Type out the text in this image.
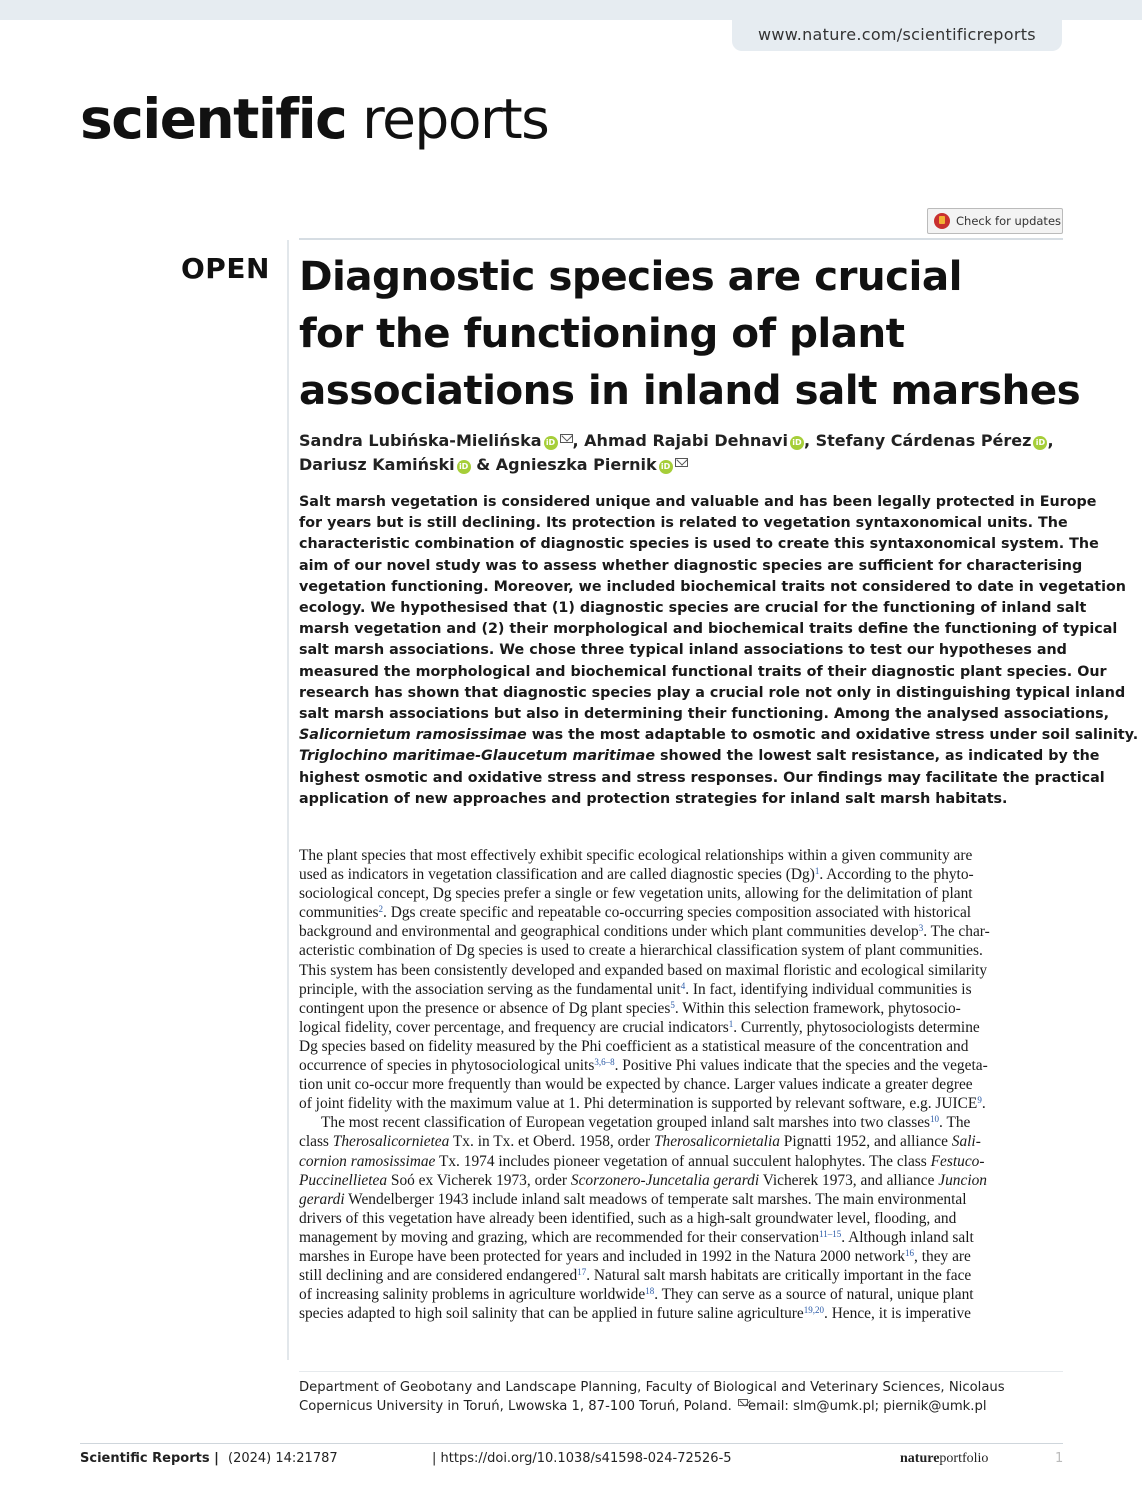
www.nature.com/scientificreports
scientific reports
Check for updates
OPEN Diagnostic species are crucial
for the functioning of plant
associations in inland salt marshes
Sandra Lubińska-Mielińska iD , Ahmad Rajabi Dehnavi iD , Stefany Cárdenas Pérez iD ,
Dariusz Kamiński iD & Agnieszka Piernik iD
Salt marsh vegetation is considered unique and valuable and has been legally protected in Europe
for years but is still declining. Its protection is related to vegetation syntaxonomical units. The
characteristic combination of diagnostic species is used to create this syntaxonomical system. The
aim of our novel study was to assess whether diagnostic species are sufficient for characterising
vegetation functioning. Moreover, we included biochemical traits not considered to date in vegetation
ecology. We hypothesised that (1) diagnostic species are crucial for the functioning of inland salt
marsh vegetation and (2) their morphological and biochemical traits define the functioning of typical
salt marsh associations. We chose three typical inland associations to test our hypotheses and
measured the morphological and biochemical functional traits of their diagnostic plant species. Our
research has shown that diagnostic species play a crucial role not only in distinguishing typical inland
salt marsh associations but also in determining their functioning. Among the analysed associations,
Salicornietum ramosissimae was the most adaptable to osmotic and oxidative stress under soil salinity.
Triglochino maritimae-Glaucetum maritimae showed the lowest salt resistance, as indicated by the
highest osmotic and oxidative stress and stress responses. Our findings may facilitate the practical
application of new approaches and protection strategies for inland salt marsh habitats.
The plant species that most effectively exhibit specific ecological relationships within a given community are
used as indicators in vegetation classification and are called diagnostic species $(Dg)^1$. According to the phyto-
sociological concept, Dg species prefer a single or few vegetation units, allowing for the delimitation of plant
communities$^2$. Dgs create specific and repeatable co-occurring species composition associated with historical
background and environmental and geographical conditions under which plant communities develop$^3$. The char-
acteristic combination of Dg species is used to create a hierarchical classification system of plant communities.
This system has been consistently developed and expanded based on maximal floristic and ecological similarity
principle, with the association serving as the fundamental unit$^4$. In fact, identifying individual communities is
contingent upon the presence or absence of Dg plant species$^5$. Within this selection framework, phytosocio-
logical fidelity, cover percentage, and frequency are crucial indicators$^1$. Currently, phytosociologists determine
Dg species based on fidelity measured by the Phi coefficient as a statistical measure of the concentration and
occurrence of species in phytosociological units$^{3,6-8}$. Positive Phi values indicate that the species and the vegeta-
tion unit co-occur more frequently than would be expected by chance. Larger values indicate a greater degree
of joint fidelity with the maximum value at 1. Phi determination is supported by relevant software, e.g. JUICE$^9$.
The most recent classification of European vegetation grouped inland salt marshes into two classes$^{10}$. The
class Therosalicornietea Tx. in Tx. et Oberd. 1958, order Therosalicornietalia Pignatti 1952, and alliance Sali-
cornion ramosissimae Tx. 1974 includes pioneer vegetation of annual succulent halophytes. The class Festuco-
Puccinellietea Soó ex Vicherek 1973, order Scorzonero-Juncetalia gerardi Vicherek 1973, and alliance Juncion
gerardi Wendelberger 1943 include inland salt meadows of temperate salt marshes. The main environmental
drivers of this vegetation have already been identified, such as a high-salt groundwater level, flooding, and
management by moving and grazing, which are recommended for their conservation$^{11-15}$. Although inland salt
marshes in Europe have been protected for years and included in 1992 in the Natura 2000 network$^{16}$, they are
still declining and are considered endangered$^{17}$. Natural salt marsh habitats are critically important in the face
of increasing salinity problems in agriculture worldwide$^{18}$. They can serve as a source of natural, unique plant
species adapted to high soil salinity that can be applied in future saline agriculture$^{19,20}$. Hence, it is imperative
Department of Geobotany and Landscape Planning, Faculty of Biological and Veterinary Sciences, Nicolaus
Copernicus University in Toruń, Lwowska 1, 87-100 Toruń, Poland. email: slm@umk.pl; piernik@umk.pl
Scientific Reports | (2024) 14:21787	| https://doi.org/10.1038/s41598-024-72526-5	natureportfolio	1
